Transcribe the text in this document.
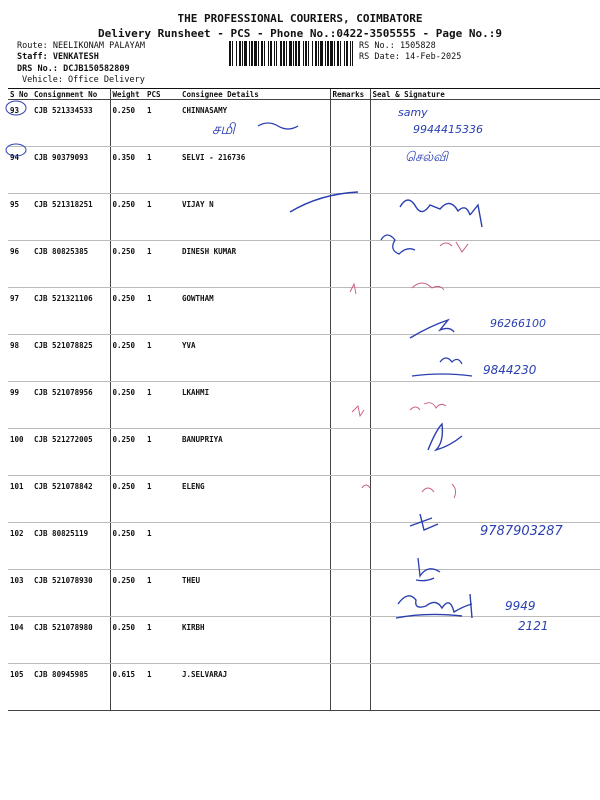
THE PROFESSIONAL COURIERS, COIMBATORE
Delivery Runsheet - PCS - Phone No.:0422-3505555 - Page No.:9
Route: NEELIKONAM PALAYAM
Staff: VENKATESH
DRS No.: DCJB150582809
Vehicle: Office Delivery
RS No.: 1505828
RS Date: 14-Feb-2025
S No	Consignment No	Weight	PCS	Consignee Details	Remarks	Seal & Signature
93	CJB 521334533	0.250	1	CHINNASAMY		
94	CJB 90379093	0.350	1	SELVI - 216736		
95	CJB 521318251	0.250	1	VIJAY N		
96	CJB 80825385	0.250	1	DINESH KUMAR		
97	CJB 521321106	0.250	1	GOWTHAM		
98	CJB 521078825	0.250	1	YVA		
99	CJB 521078956	0.250	1	LKAHMI		
100	CJB 521272005	0.250	1	BANUPRIYA		
101	CJB 521078842	0.250	1	ELENG		
102	CJB 80825119	0.250	1			
103	CJB 521078930	0.250	1	THEU		
104	CJB 521078980	0.250	1	KIRBH		
105	CJB 80945985	0.615	1	J.SELVARAJ		
சமி
samy
9944415336
செல்வி
96266100
9844230
9787903287
9949
2121
